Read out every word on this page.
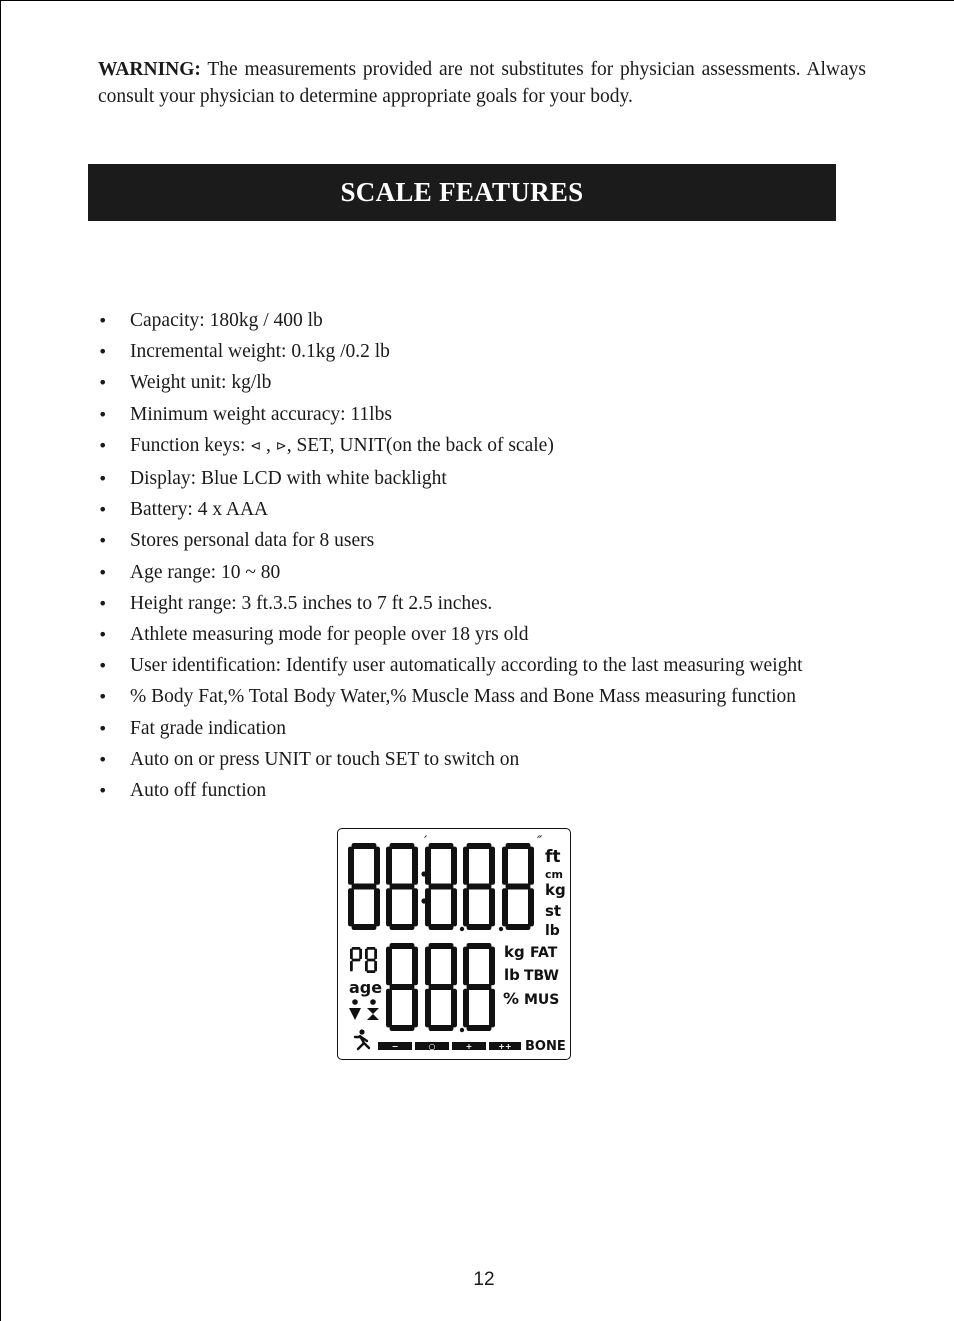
WARNING: The measurements provided are not substitutes for physician assessments. Always consult your physician to determine appropriate goals for your body.

SCALE FEATURES
• Capacity: 180kg / 400 lb
• Incremental weight: 0.1kg /0.2 lb
• Weight unit: kg/lb
• Minimum weight accuracy: 11lbs
• Function keys: ⊲ , ⊳, SET, UNIT(on the back of scale)
• Display: Blue LCD with white backlight
• Battery: 4 x AAA
• Stores personal data for 8 users
• Age range: 10 ~ 80
• Height range: 3 ft.3.5 inches to 7 ft 2.5 inches.
• Athlete measuring mode for people over 18 yrs old
• User identification: Identify user automatically according to the last measuring weight
• % Body Fat,% Total Body Water,% Muscle Mass and Bone Mass measuring function
• Fat grade indication
• Auto on or press UNIT or touch SET to switch on
• Auto off function
′	″
ft
cm
kg
st
lb
age
kg FAT
lb TBW
% MUS
BONE
−	○	+	++
12
